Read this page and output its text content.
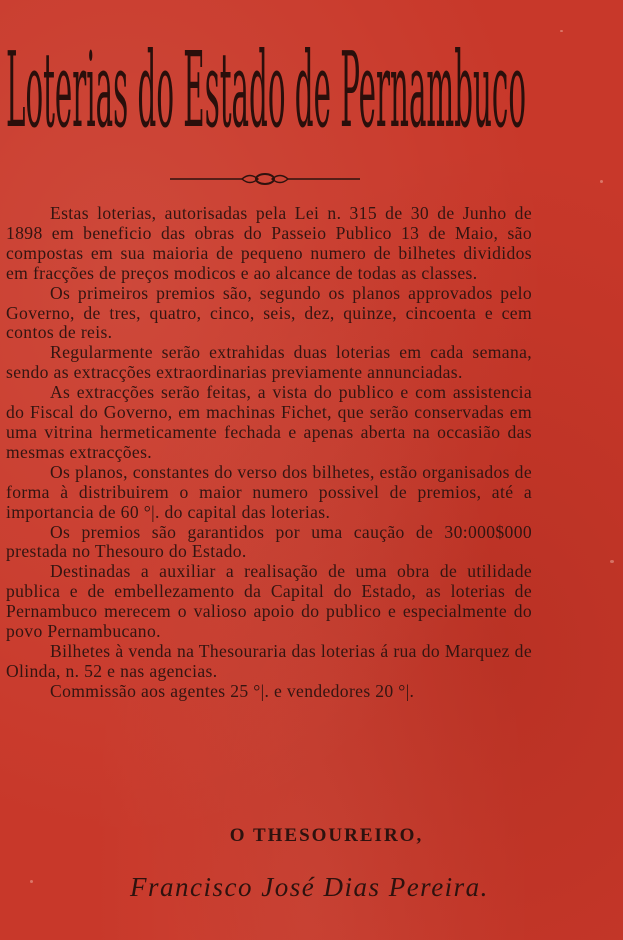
Loterias do Estado de Pernambuco

Estas loterias, autorisadas pela Lei n. 315 de 30 de Junho de 1898 em beneficio das obras do Passeio Publico 13 de Maio, são compostas em sua maioria de pequeno numero de bilhetes divididos em fracções de preços modicos e ao alcance de todas as classes.

Os primeiros premios são, segundo os planos approvados pelo Governo, de tres, quatro, cinco, seis, dez, quinze, cincoenta e cem contos de reis.

Regularmente serão extrahidas duas loterias em cada semana, sendo as extracções extraordinarias previamente annunciadas.

As extracções serão feitas, a vista do publico e com assistencia do Fiscal do Governo, em machinas Fichet, que serão conservadas em uma vitrina hermeticamente fechada e apenas aberta na occasião das mesmas extracções.

Os planos, constantes do verso dos bilhetes, estão organisados de forma à distribuirem o maior numero possivel de premios, até a importancia de 60 °|. do capital das loterias.

Os premios são garantidos por uma caução de 30:000$000 prestada no Thesouro do Estado.

Destinadas a auxiliar a realisação de uma obra de utilidade publica e de embellezamento da Capital do Estado, as loterias de Pernambuco merecem o valioso apoio do publico e especialmente do povo Pernambucano.

Bilhetes à venda na Thesouraria das loterias á rua do Marquez de Olinda, n. 52 e nas agencias.

Commissão aos agentes 25 °|. e vendedores 20 °|.

O THESOUREIRO,
Francisco José Dias Pereira.
